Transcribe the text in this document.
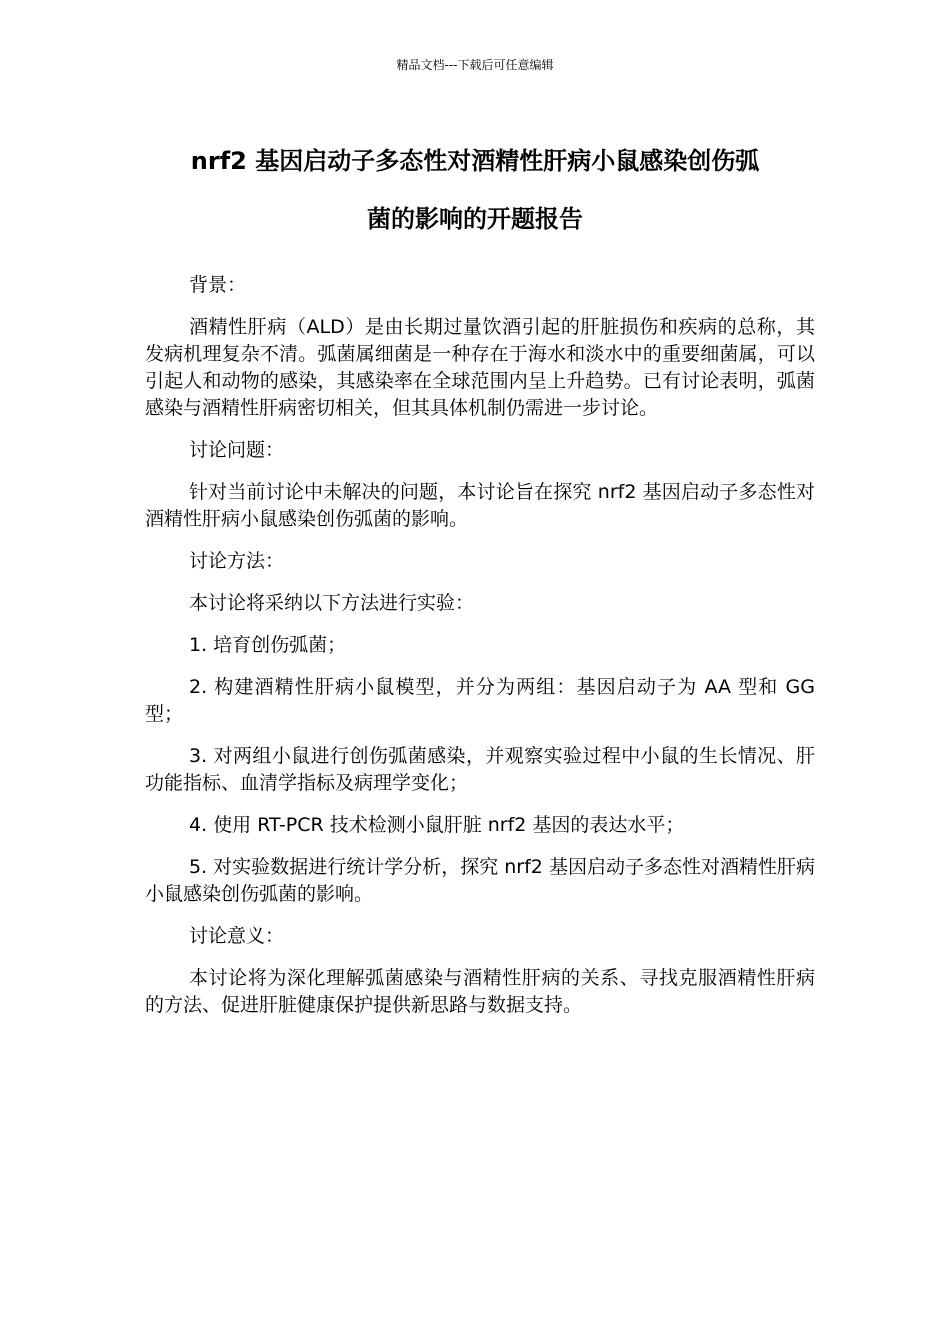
精品文档---下载后可任意编辑
nrf2 基因启动子多态性对酒精性肝病小鼠感染创伤弧
菌的影响的开题报告

背景：

酒精性肝病（ALD）是由长期过量饮酒引起的肝脏损伤和疾病的总称，其发病机理复杂不清。弧菌属细菌是一种存在于海水和淡水中的重要细菌属，可以引起人和动物的感染，其感染率在全球范围内呈上升趋势。已有讨论表明，弧菌感染与酒精性肝病密切相关，但其具体机制仍需进一步讨论。

讨论问题：

针对当前讨论中未解决的问题，本讨论旨在探究 nrf2 基因启动子多态性对酒精性肝病小鼠感染创伤弧菌的影响。

讨论方法：

本讨论将采纳以下方法进行实验：

1. 培育创伤弧菌；

2. 构建酒精性肝病小鼠模型，并分为两组：基因启动子为 AA 型和 GG 型；

3. 对两组小鼠进行创伤弧菌感染，并观察实验过程中小鼠的生长情况、肝功能指标、血清学指标及病理学变化；

4. 使用 RT-PCR 技术检测小鼠肝脏 nrf2 基因的表达水平；

5. 对实验数据进行统计学分析，探究 nrf2 基因启动子多态性对酒精性肝病小鼠感染创伤弧菌的影响。

讨论意义：

本讨论将为深化理解弧菌感染与酒精性肝病的关系、寻找克服酒精性肝病的方法、促进肝脏健康保护提供新思路与数据支持。
